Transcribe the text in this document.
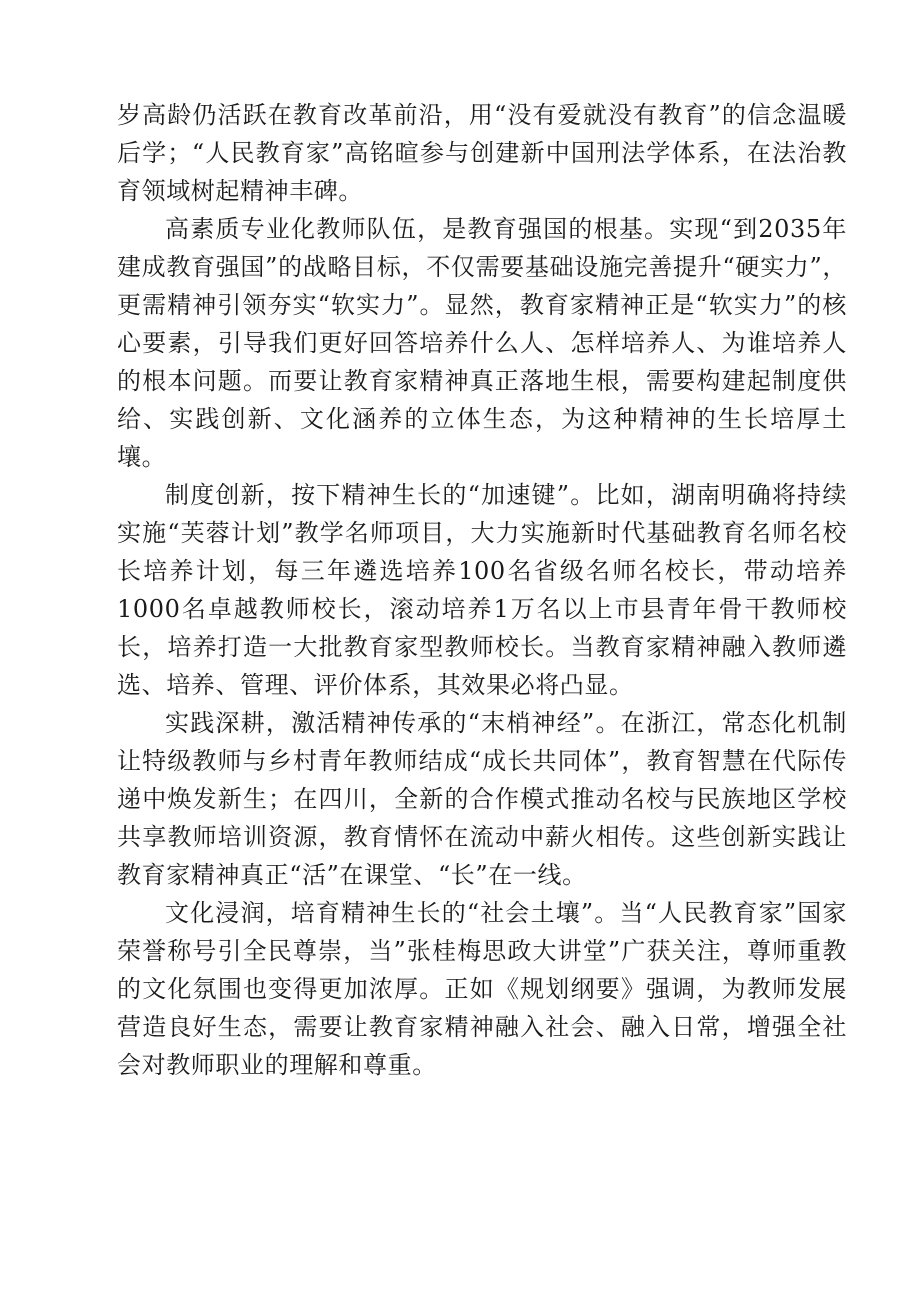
岁高龄仍活跃在教育改革前沿，用“没有爱就没有教育”的信念温暖后学；“人民教育家”高铭暄参与创建新中国刑法学体系，在法治教育领域树起精神丰碑。

高素质专业化教师队伍，是教育强国的根基。实现“到2035年建成教育强国”的战略目标，不仅需要基础设施完善提升“硬实力”，更需精神引领夯实“软实力”。显然，教育家精神正是“软实力”的核心要素，引导我们更好回答培养什么人、怎样培养人、为谁培养人的根本问题。而要让教育家精神真正落地生根，需要构建起制度供给、实践创新、文化涵养的立体生态，为这种精神的生长培厚土壤。

制度创新，按下精神生长的“加速键”。比如，湖南明确将持续实施“芙蓉计划”教学名师项目，大力实施新时代基础教育名师名校长培养计划，每三年遴选培养100名省级名师名校长，带动培养1000名卓越教师校长，滚动培养1万名以上市县青年骨干教师校长，培养打造一大批教育家型教师校长。当教育家精神融入教师遴选、培养、管理、评价体系，其效果必将凸显。

实践深耕，激活精神传承的“末梢神经”。在浙江，常态化机制让特级教师与乡村青年教师结成“成长共同体”，教育智慧在代际传递中焕发新生；在四川，全新的合作模式推动名校与民族地区学校共享教师培训资源，教育情怀在流动中薪火相传。这些创新实践让教育家精神真正“活”在课堂、“长”在一线。

文化浸润，培育精神生长的“社会土壤”。当“人民教育家”国家荣誉称号引全民尊崇，当”张桂梅思政大讲堂”广获关注，尊师重教的文化氛围也变得更加浓厚。正如《规划纲要》强调，为教师发展营造良好生态，需要让教育家精神融入社会、融入日常，增强全社会对教师职业的理解和尊重。
